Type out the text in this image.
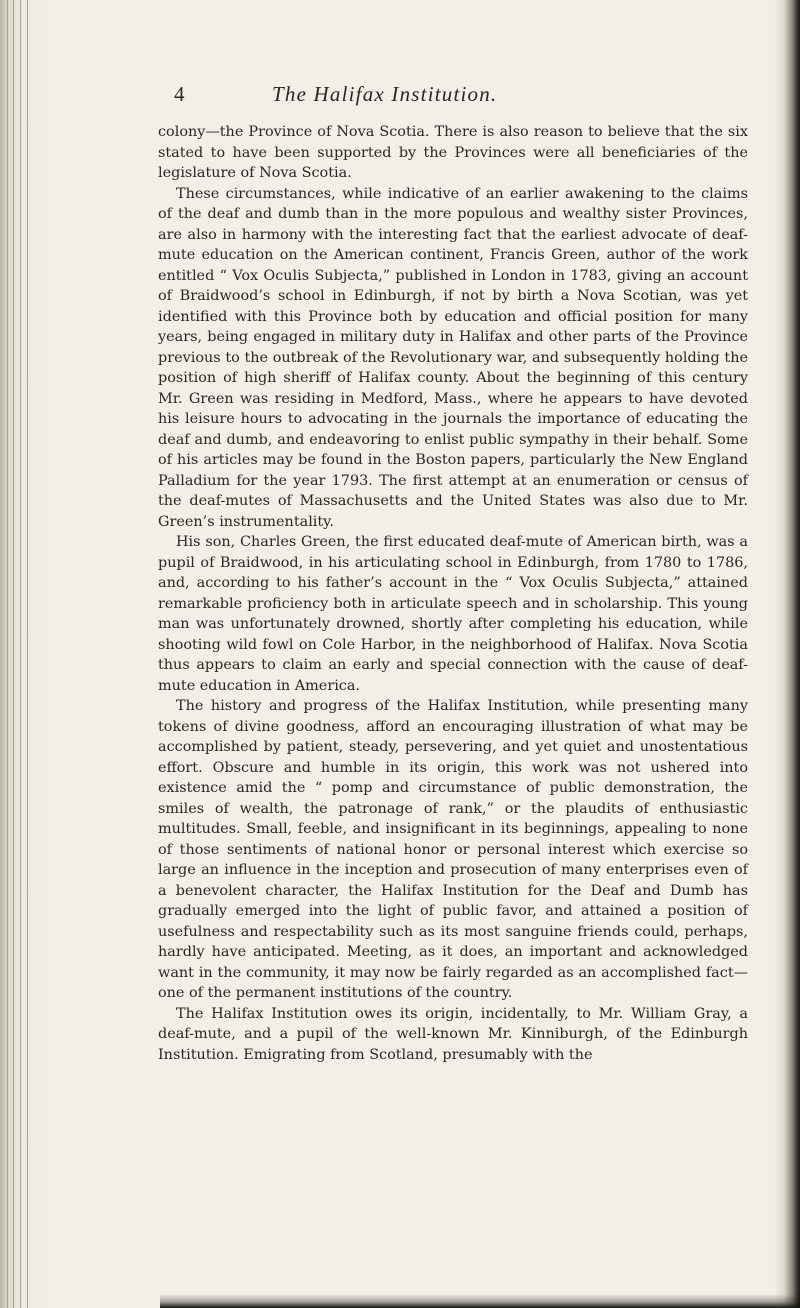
4	The Halifax Institution.

colony—the Province of Nova Scotia. There is also reason to believe that the six stated to have been supported by the Provinces were all beneficiaries of the legislature of Nova Scotia.

These circumstances, while indicative of an earlier awakening to the claims of the deaf and dumb than in the more populous and wealthy sister Provinces, are also in harmony with the interesting fact that the earliest advocate of deaf-mute education on the American continent, Francis Green, author of the work entitled “ Vox Oculis Subjecta,” published in London in 1783, giving an account of Braidwood’s school in Edinburgh, if not by birth a Nova Scotian, was yet identified with this Province both by education and official position for many years, being engaged in military duty in Halifax and other parts of the Province previous to the outbreak of the Revolutionary war, and subsequently holding the position of high sheriff of Halifax county. About the beginning of this century Mr. Green was residing in Medford, Mass., where he appears to have devoted his leisure hours to advocating in the journals the importance of educating the deaf and dumb, and endeavoring to enlist public sympathy in their behalf. Some of his articles may be found in the Boston papers, particularly the New England Palladium for the year 1793. The first attempt at an enumeration or census of the deaf-mutes of Massachusetts and the United States was also due to Mr. Green’s instrumentality.

His son, Charles Green, the first educated deaf-mute of American birth, was a pupil of Braidwood, in his articulating school in Edinburgh, from 1780 to 1786, and, according to his father’s account in the “ Vox Oculis Subjecta,” attained remarkable proficiency both in articulate speech and in scholarship. This young man was unfortunately drowned, shortly after completing his education, while shooting wild fowl on Cole Harbor, in the neighborhood of Halifax. Nova Scotia thus appears to claim an early and special connection with the cause of deaf-mute education in America.

The history and progress of the Halifax Institution, while presenting many tokens of divine goodness, afford an encouraging illustration of what may be accomplished by patient, steady, persevering, and yet quiet and unostentatious effort. Obscure and humble in its origin, this work was not ushered into existence amid the “ pomp and circumstance of public demonstration, the smiles of wealth, the patronage of rank,” or the plaudits of enthusiastic multitudes. Small, feeble, and insignificant in its beginnings, appealing to none of those sentiments of national honor or personal interest which exercise so large an influence in the inception and prosecution of many enterprises even of a benevolent character, the Halifax Institution for the Deaf and Dumb has gradually emerged into the light of public favor, and attained a position of usefulness and respectability such as its most sanguine friends could, perhaps, hardly have anticipated. Meeting, as it does, an important and acknowledged want in the community, it may now be fairly regarded as an accomplished fact—one of the permanent institutions of the country.

The Halifax Institution owes its origin, incidentally, to Mr. William Gray, a deaf-mute, and a pupil of the well-known Mr. Kinniburgh, of the Edinburgh Institution. Emigrating from Scotland, presumably with the
